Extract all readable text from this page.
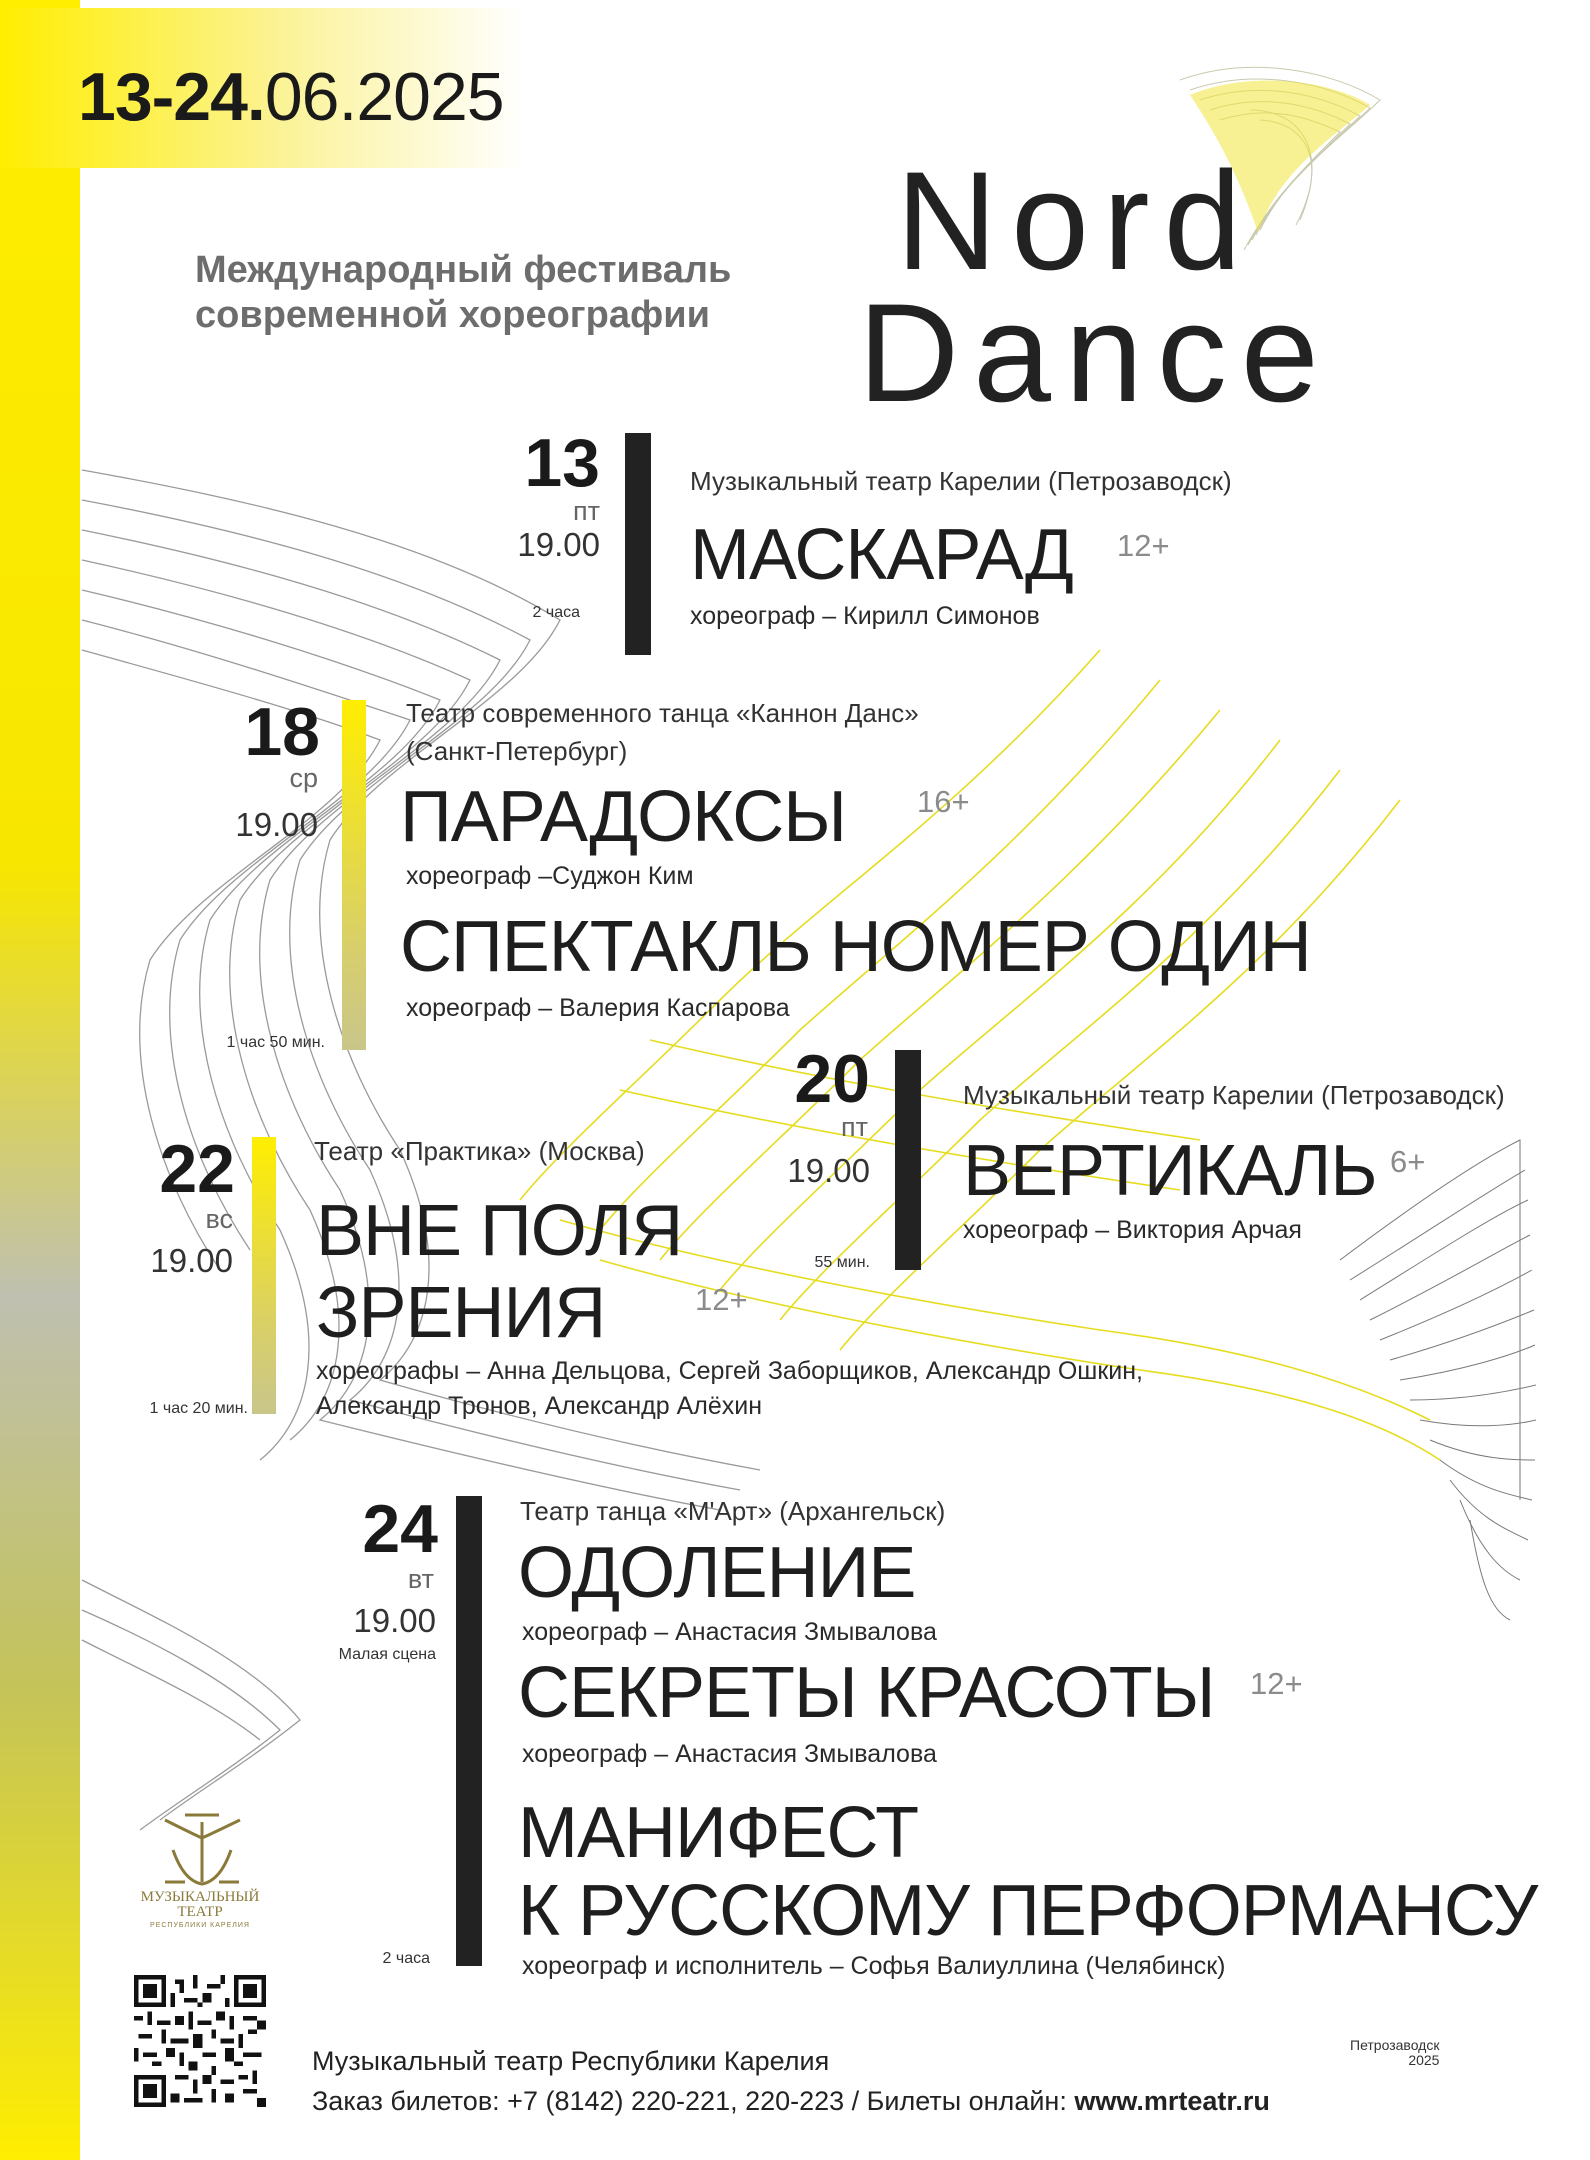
13-24.06.2025
Международный фестиваль
современной хореографии
Nord
Dance
13
пт
19.00
2 часа
Музыкальный театр Карелии (Петрозаводск)
МАСКАРАД
хореограф – Кирилл Симонов
12+
18
ср
19.00
1 час 50 мин.
Театр современного танца «Каннон Данс»
(Санкт-Петербург)
ПАРАДОКСЫ
хореограф –Суджон Ким
СПЕКТАКЛЬ НОМЕР ОДИН
хореограф – Валерия Каспарова
16+
20
пт
19.00
55 мин.
Музыкальный театр Карелии (Петрозаводск)
ВЕРТИКАЛЬ
хореограф – Виктория Арчая
6+
22
вс
19.00
1 час 20 мин.
Театр «Практика» (Москва)
ВНЕ ПОЛЯ
ЗРЕНИЯ
хореографы – Анна Дельцова, Сергей Заборщиков, Александр Ошкин,
Александр Тронов, Александр Алёхин
12+
24
вт
19.00
Малая сцена
2 часа
Театр танца «М'Арт» (Архангельск)
ОДОЛЕНИЕ
хореограф – Анастасия Змывалова
СЕКРЕТЫ КРАСОТЫ
хореограф – Анастасия Змывалова
МАНИФЕСТ
К РУССКОМУ ПЕРФОРМАНСУ
хореограф и исполнитель – Софья Валиуллина (Челябинск)
12+
МУЗЫКАЛЬНЫЙ
ТЕАТР
РЕСПУБЛИКИ КАРЕЛИЯ
Музыкальный театр Республики Карелия
Заказ билетов: +7 (8142) 220-221, 220-223 / Билеты онлайн: www.mrteatr.ru
Петрозаводск
2025
